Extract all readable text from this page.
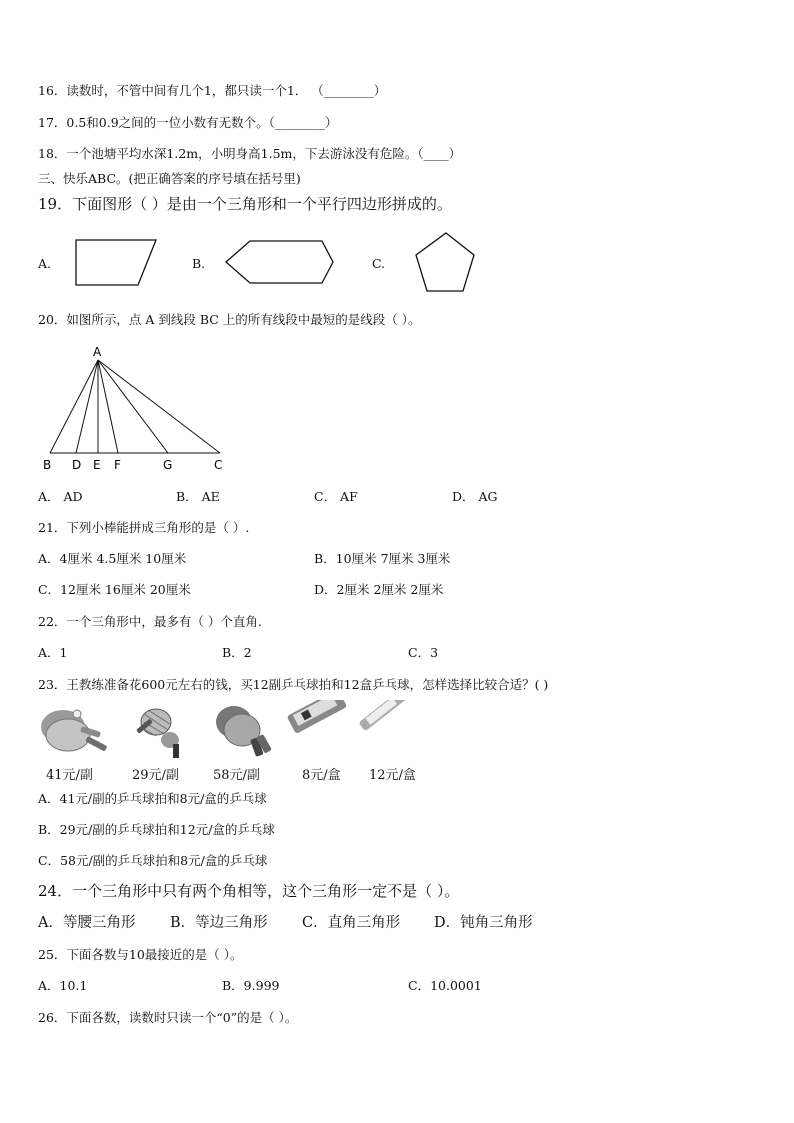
16．读数时，不管中间有几个1，都只读一个1． （________）
17．0.5和0.9之间的一位小数有无数个。（________）
18．一个池塘平均水深1.2m，小明身高1.5m，下去游泳没有危险。（____）
三、快乐ABC。(把正确答案的序号填在括号里)
19．下面图形（ ）是由一个三角形和一个平行四边形拼成的。
A.	B.	C.
20．如图所示，点 A 到线段 BC 上的所有线段中最短的是线段（ ）。
A
B D E F	G	C
A． AD	B． AE	C． AF	D． AG
21．下列小棒能拼成三角形的是（ ）.
A．4厘米 4.5厘米 10厘米	B．10厘米 7厘米 3厘米
C．12厘米 16厘米 20厘米	D．2厘米 2厘米 2厘米
22．一个三角形中，最多有（ ）个直角.
A．1	B．2	C．3
23．王教练准备花600元左右的钱，买12副乒乓球拍和12盒乒乓球，怎样选择比较合适？( )
41元/副	29元/副	58元/副	8元/盒 12元/盒
A．41元/副的乒乓球拍和8元/盒的乒乓球
B．29元/副的乒乓球拍和12元/盒的乒乓球
C．58元/副的乒乓球拍和8元/盒的乒乓球
24．一个三角形中只有两个角相等，这个三角形一定不是（ ）。
A．等腰三角形 B．等边三角形 C．直角三角形 D．钝角三角形
25．下面各数与10最接近的是（ ）。
A．10.1	B．9.999	C．10.0001
26．下面各数，读数时只读一个“0”的是（ ）。
